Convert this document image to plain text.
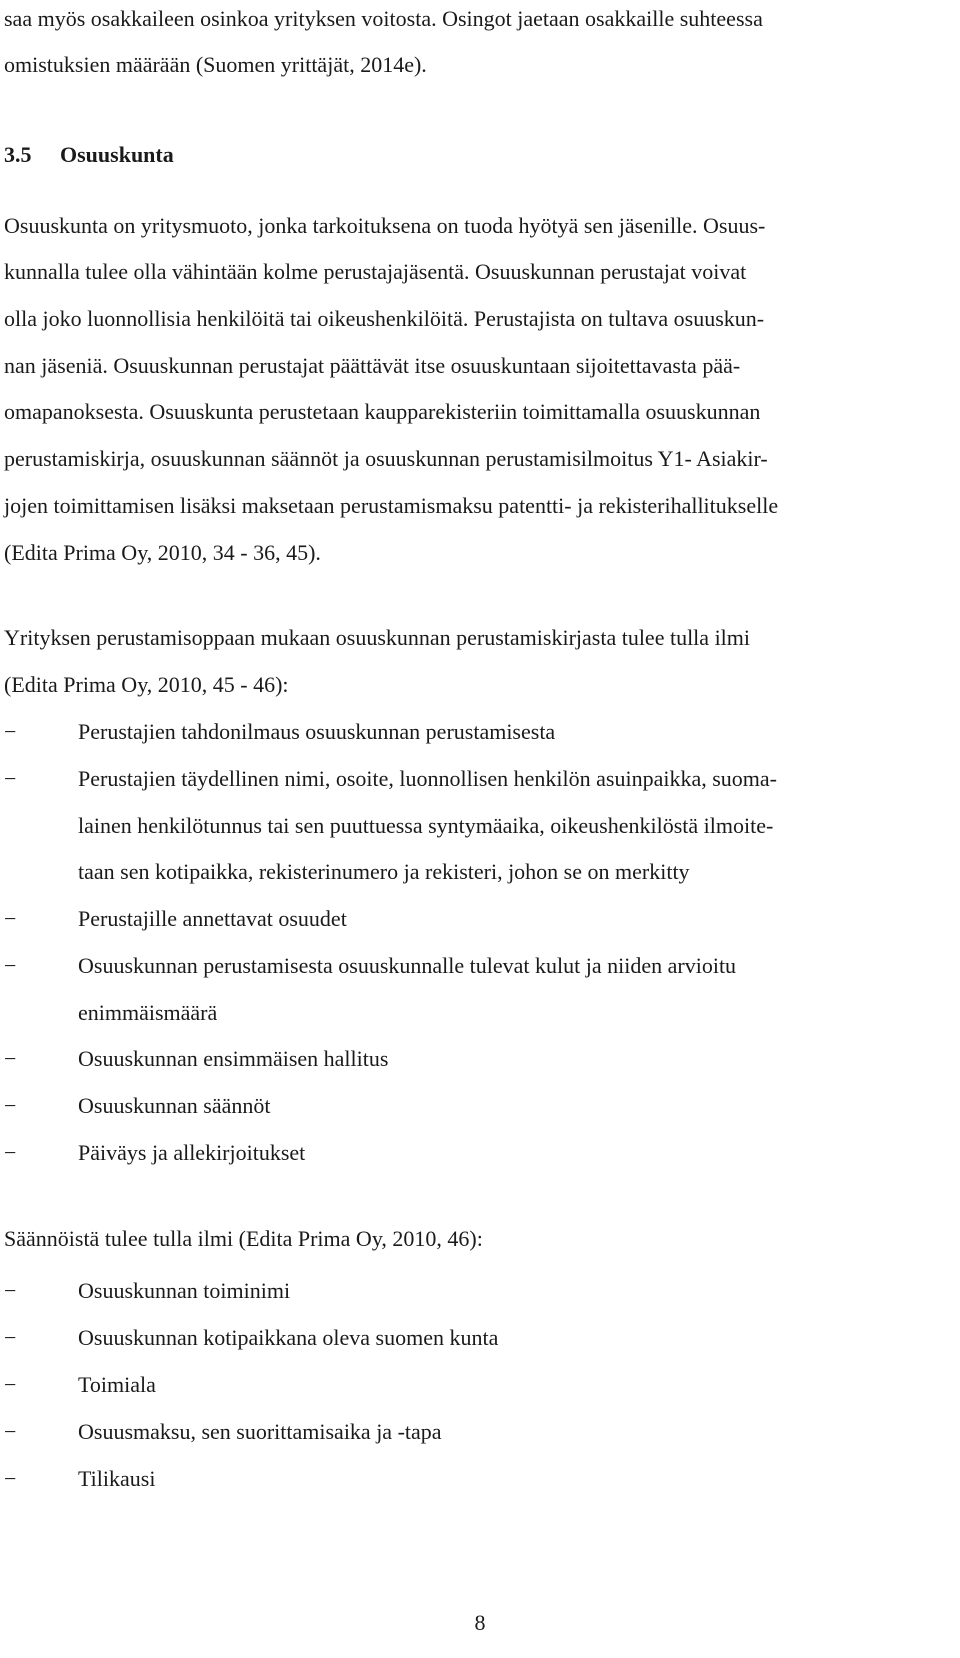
saa myös osakkaileen osinkoa yrityksen voitosta. Osingot jaetaan osakkaille suhteessa
omistuksien määrään (Suomen yrittäjät, 2014e).
3.5 Osuuskunta
Osuuskunta on yritysmuoto, jonka tarkoituksena on tuoda hyötyä sen jäsenille. Osuus-
kunnalla tulee olla vähintään kolme perustajajäsentä. Osuuskunnan perustajat voivat
olla joko luonnollisia henkilöitä tai oikeushenkilöitä. Perustajista on tultava osuuskun-
nan jäseniä. Osuuskunnan perustajat päättävät itse osuuskuntaan sijoitettavasta pää-
omapanoksesta. Osuuskunta perustetaan kaupparekisteriin toimittamalla osuuskunnan
perustamiskirja, osuuskunnan säännöt ja osuuskunnan perustamisilmoitus Y1- Asiakir-
jojen toimittamisen lisäksi maksetaan perustamismaksu patentti- ja rekisterihallitukselle
(Edita Prima Oy, 2010, 34 - 36, 45).
Yrityksen perustamisoppaan mukaan osuuskunnan perustamiskirjasta tulee tulla ilmi
(Edita Prima Oy, 2010, 45 - 46):
−	Perustajien tahdonilmaus osuuskunnan perustamisesta
−	Perustajien täydellinen nimi, osoite, luonnollisen henkilön asuinpaikka, suoma-
lainen henkilötunnus tai sen puuttuessa syntymäaika, oikeushenkilöstä ilmoite-
taan sen kotipaikka, rekisterinumero ja rekisteri, johon se on merkitty
−	Perustajille annettavat osuudet
−	Osuuskunnan perustamisesta osuuskunnalle tulevat kulut ja niiden arvioitu
enimmäismäärä
−	Osuuskunnan ensimmäisen hallitus
−	Osuuskunnan säännöt
−	Päiväys ja allekirjoitukset
Säännöistä tulee tulla ilmi (Edita Prima Oy, 2010, 46):
−	Osuuskunnan toiminimi
−	Osuuskunnan kotipaikkana oleva suomen kunta
−	Toimiala
−	Osuusmaksu, sen suorittamisaika ja -tapa
−	Tilikausi
8
